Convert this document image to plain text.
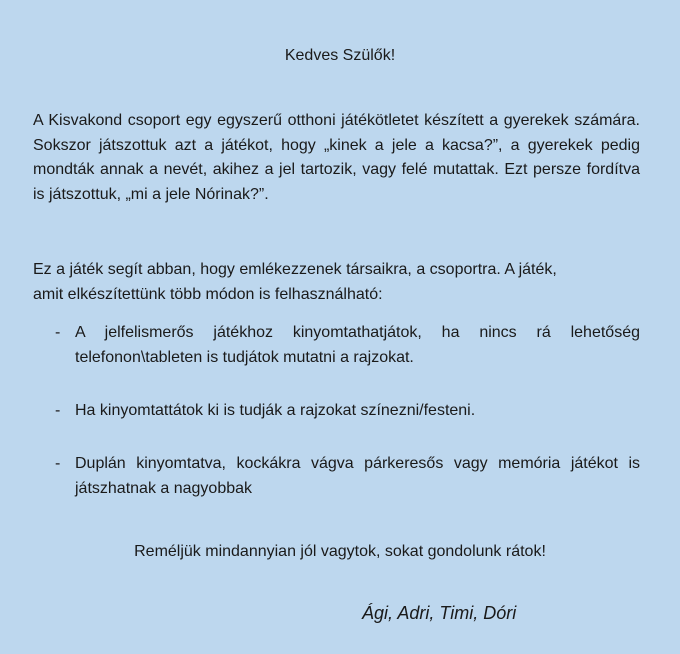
Kedves Szülők!

A Kisvakond csoport egy egyszerű otthoni játékötletet készített a gyerekek számára. Sokszor játszottuk azt a játékot, hogy „kinek a jele a kacsa?”, a gyerekek pedig mondták annak a nevét, akihez a jel tartozik, vagy felé mutattak. Ezt persze fordítva is játszottuk, „mi a jele Nórinak?”.

Ez a játék segít abban, hogy emlékezzenek társaikra, a csoportra. A játék,
amit elkészítettünk több módon is felhasználható:

- A jelfelismerős játékhoz kinyomtathatjátok, ha nincs rá lehetőség telefonon\tableten is tudjátok mutatni a rajzokat.
- Ha kinyomtattátok ki is tudják a rajzokat színezni/festeni.
- Duplán kinyomtatva, kockákra vágva párkeresős vagy memória játékot is játszhatnak a nagyobbak
Reméljük mindannyian jól vagytok, sokat gondolunk rátok!
Ági, Adri, Timi, Dóri
